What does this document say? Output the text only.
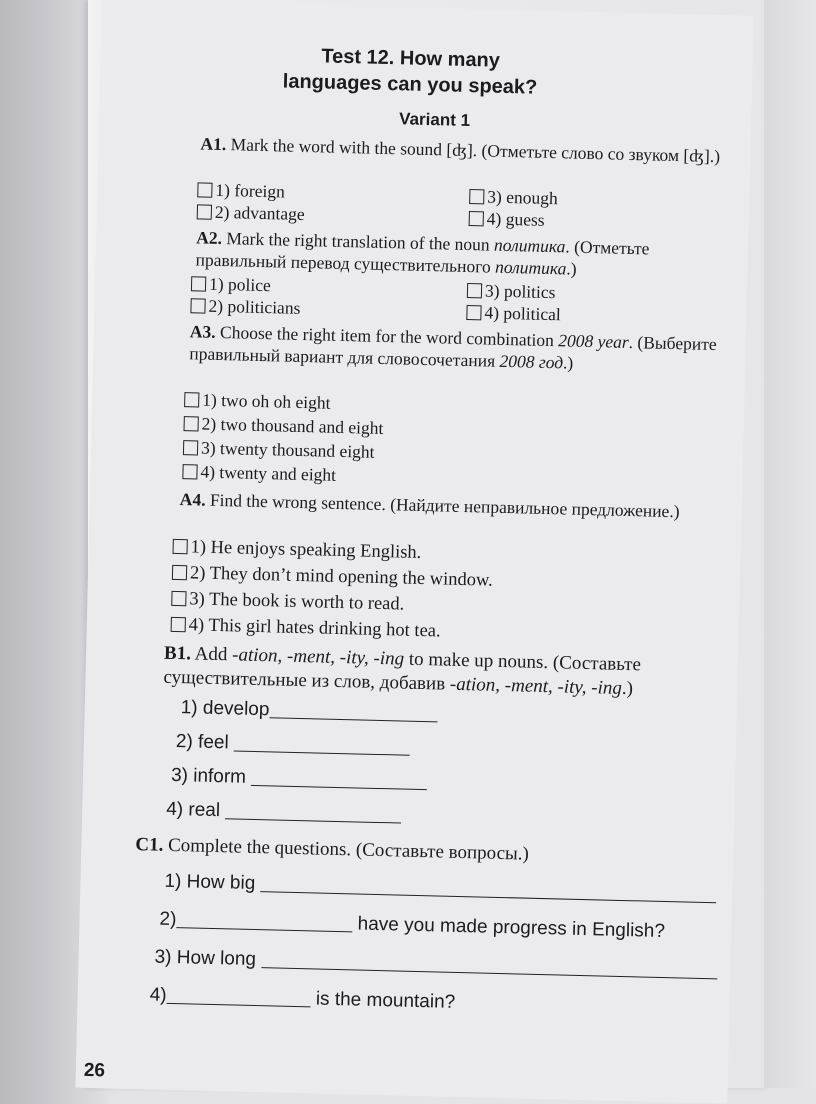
Test 12. How many languages can you speak?
Variant 1
A1. Mark the word with the sound [ʤ]. (Отметьте слово со звуком [ʤ].)
1) foreign
2) advantage
3) enough
4) guess
A2. Mark the right translation of the noun политика. (Отметьте правильный перевод существительного политика.)
1) police
2) politicians
3) politics
4) political
A3. Choose the right item for the word combination 2008 year. (Выберите правильный вариант для словосочетания 2008 год.)
1) two oh oh eight
2) two thousand and eight
3) twenty thousand eight
4) twenty and eight
A4. Find the wrong sentence. (Найдите неправильное предложение.)
1) He enjoys speaking English.
2) They don’t mind opening the window.
3) The book is worth to read.
4) This girl hates drinking hot tea.
B1. Add -ation, -ment, -ity, -ing to make up nouns. (Составьте
существительные из слов, добавив -ation, -ment, -ity, -ing.)
1) develop
2) feel
3) inform
4) real
C1. Complete the questions. (Составьте вопросы.)
1) How big
2)	have you made progress in English?
3) How long
4)	is the mountain?
26
